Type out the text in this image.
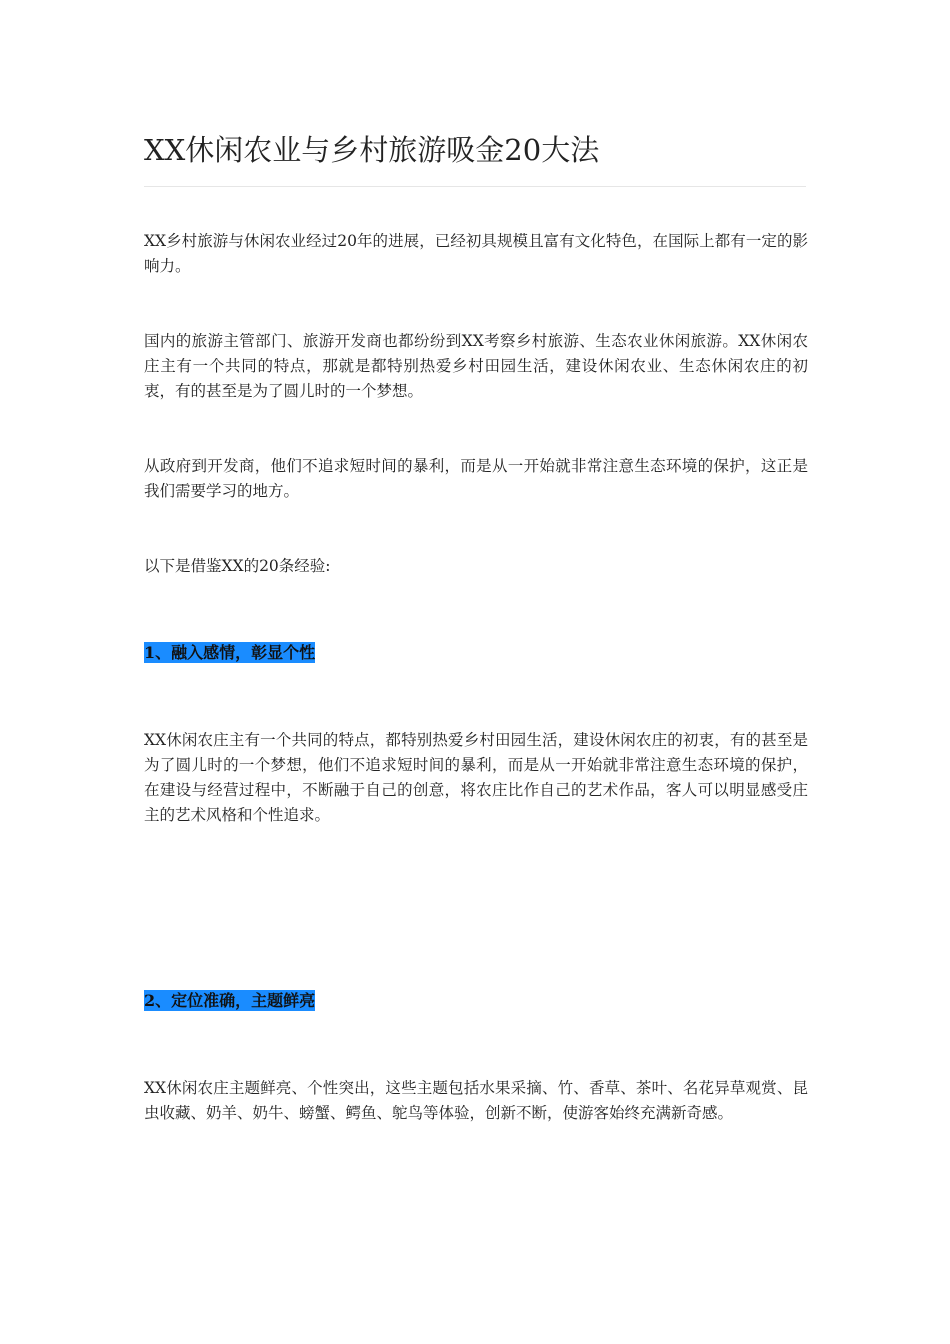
XX休闲农业与乡村旅游吸金20大法

XX乡村旅游与休闲农业经过20年的进展，已经初具规模且富有文化特色，在国际上都有一定的影响力。

国内的旅游主管部门、旅游开发商也都纷纷到XX考察乡村旅游、生态农业休闲旅游。XX休闲农庄主有一个共同的特点，那就是都特别热爱乡村田园生活，建设休闲农业、生态休闲农庄的初衷，有的甚至是为了圆儿时的一个梦想。

从政府到开发商，他们不追求短时间的暴利，而是从一开始就非常注意生态环境的保护，这正是我们需要学习的地方。

以下是借鉴XX的20条经验:

1、融入感情，彰显个性

XX休闲农庄主有一个共同的特点，都特别热爱乡村田园生活，建设休闲农庄的初衷，有的甚至是为了圆儿时的一个梦想，他们不追求短时间的暴利，而是从一开始就非常注意生态环境的保护，在建设与经营过程中，不断融于自己的创意，将农庄比作自己的艺术作品，客人可以明显感受庄主的艺术风格和个性追求。

2、定位准确，主题鲜亮

XX休闲农庄主题鲜亮、个性突出，这些主题包括水果采摘、竹、香草、茶叶、名花异草观赏、昆虫收藏、奶羊、奶牛、螃蟹、鳄鱼、鸵鸟等体验，创新不断，使游客始终充满新奇感。
